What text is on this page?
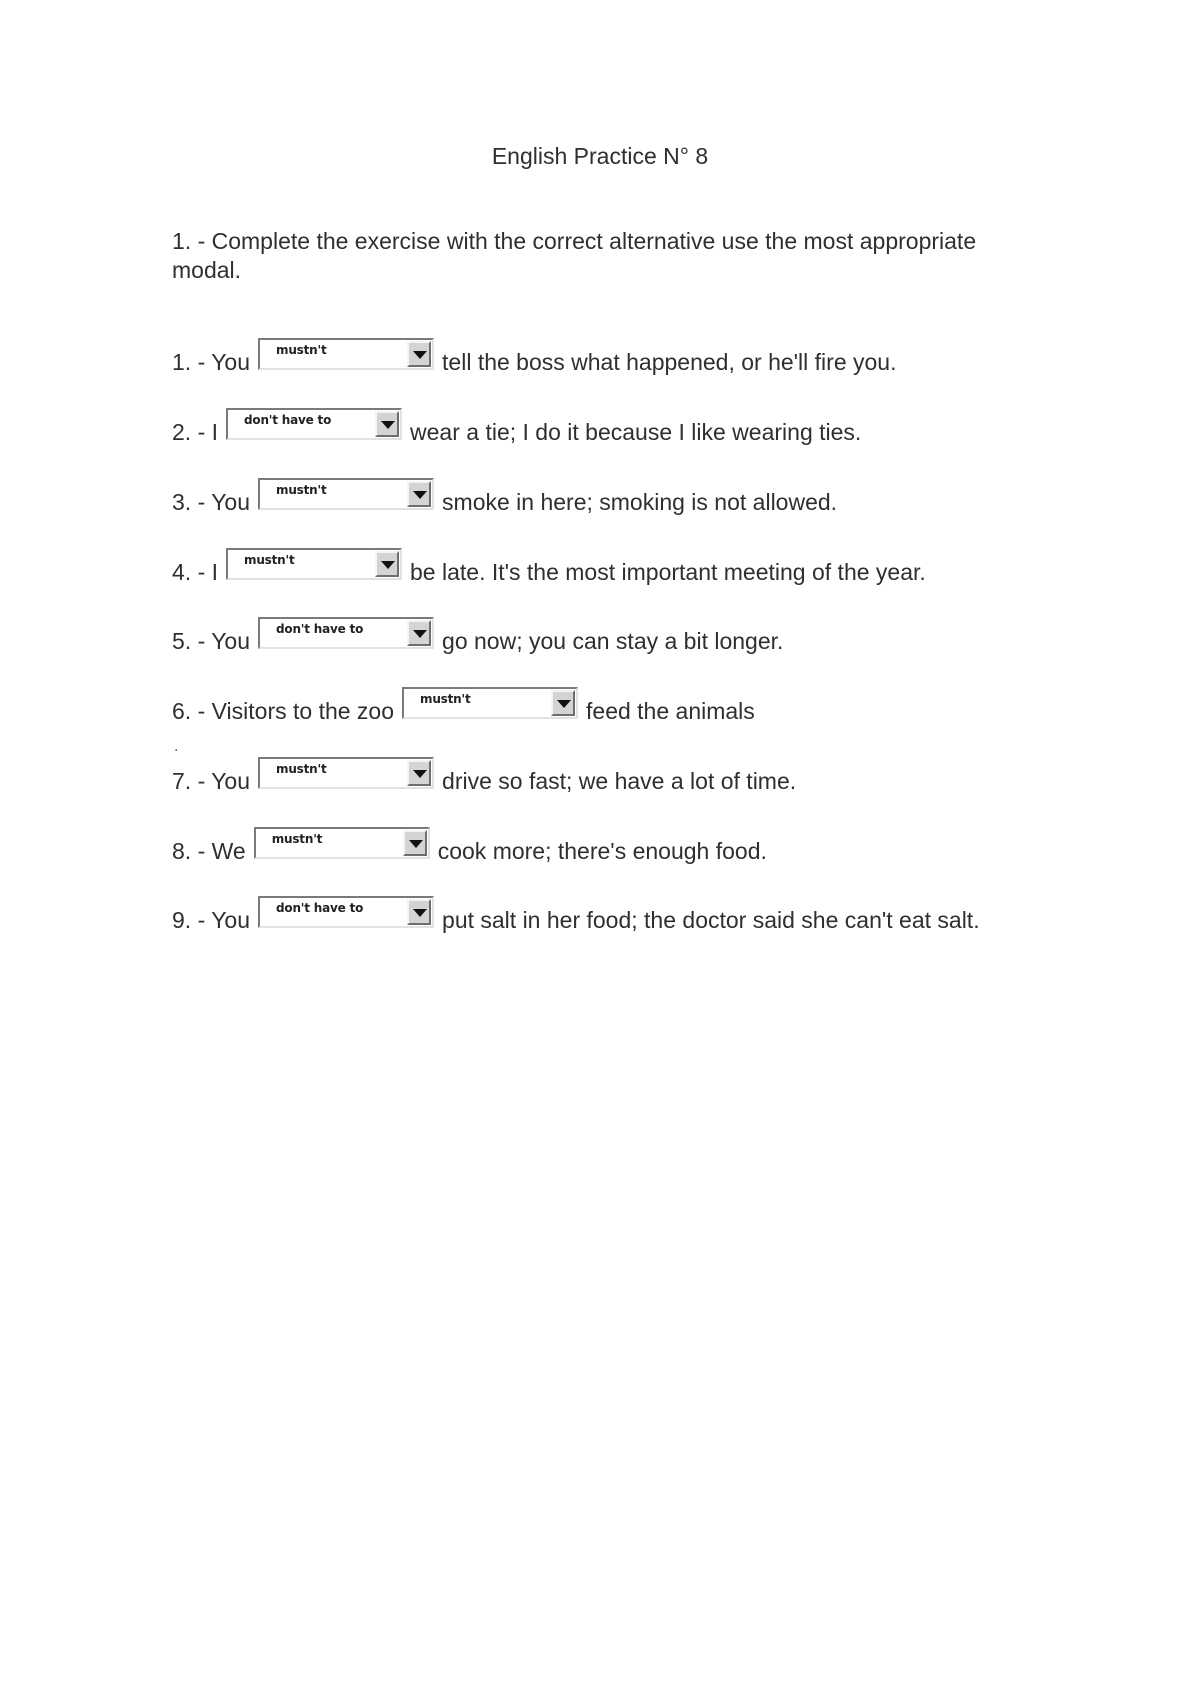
English Practice N° 8
1. - Complete the exercise with the correct alternative use the most appropriate modal.
1. - You mustn't	tell the boss what happened, or he'll fire you.
2. - I don't have to	wear a tie; I do it because I like wearing ties.
3. - You mustn't	smoke in here; smoking is not allowed.
4. - I mustn't	be late. It's the most important meeting of the year.
5. - You don't have to	go now; you can stay a bit longer.
6. - Visitors to the zoo mustn't	feed the animals
.
7. - You mustn't	drive so fast; we have a lot of time.
8. - We mustn't	cook more; there's enough food.
9. - You don't have to	put salt in her food; the doctor said she can't eat salt.
